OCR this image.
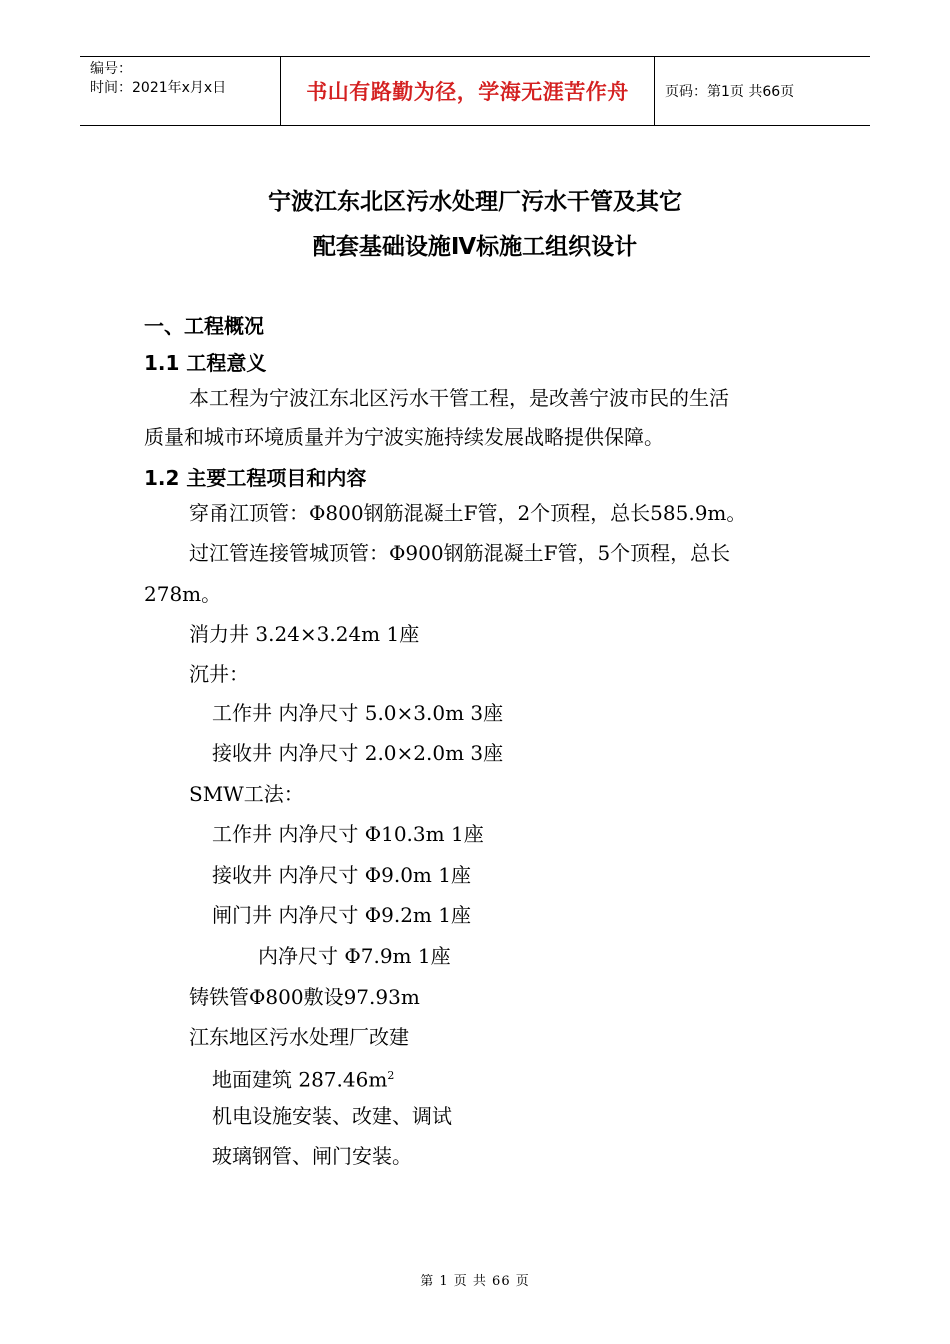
编号：
时间：2021年x月x日	书山有路勤为径，学海无涯苦作舟	页码：第1页 共66页
宁波江东北区污水处理厂污水干管及其它
配套基础设施Ⅳ标施工组织设计
一、工程概况
1.1 工程意义
本工程为宁波江东北区污水干管工程，是改善宁波市民的生活
质量和城市环境质量并为宁波实施持续发展战略提供保障。
1.2 主要工程项目和内容
穿甬江顶管：Φ800钢筋混凝土F管，2个顶程，总长585.9m。
过江管连接管城顶管：Φ900钢筋混凝土F管，5个顶程，总长
278m。
消力井 3.24×3.24m 1座
沉井：
工作井 内净尺寸 5.0×3.0m 3座
接收井 内净尺寸 2.0×2.0m 3座
SMW工法：
工作井 内净尺寸 Φ10.3m 1座
接收井 内净尺寸 Φ9.0m 1座
闸门井 内净尺寸 Φ9.2m 1座
内净尺寸 Φ7.9m 1座
铸铁管Φ800敷设97.93m
江东地区污水处理厂改建
地面建筑 $287.46m^2$
机电设施安装、改建、调试
玻璃钢管、闸门安装。
第 1 页 共 66 页
